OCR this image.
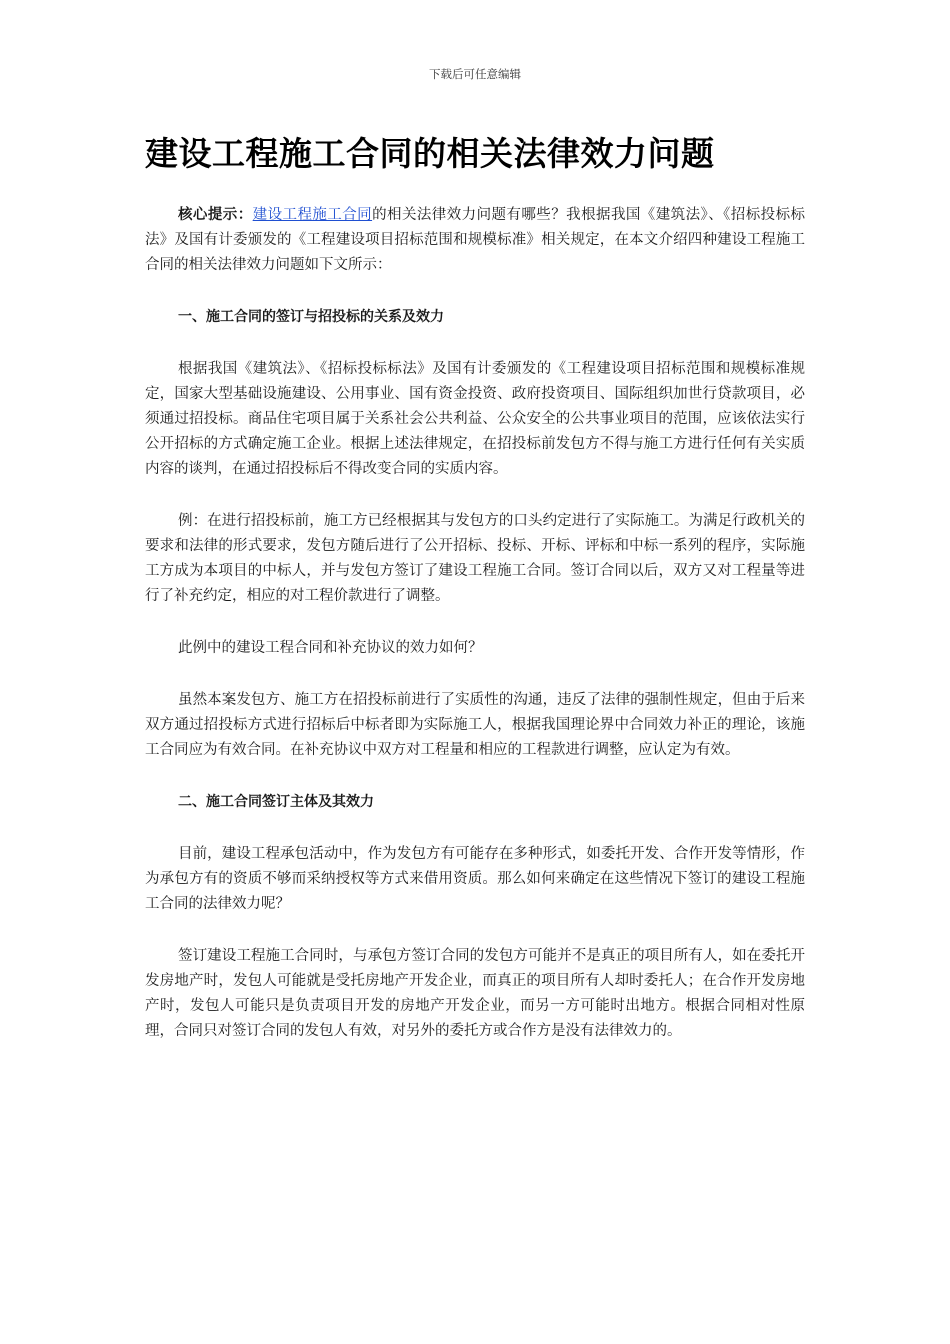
下载后可任意编辑
建设工程施工合同的相关法律效力问题

核心提示：建设工程施工合同的相关法律效力问题有哪些？我根据我国《建筑法》、《招标投标标法》及国有计委颁发的《工程建设项目招标范围和规模标准》相关规定，在本文介绍四种建设工程施工合同的相关法律效力问题如下文所示：

一、施工合同的签订与招投标的关系及效力

根据我国《建筑法》、《招标投标标法》及国有计委颁发的《工程建设项目招标范围和规模标准规定，国家大型基础设施建设、公用事业、国有资金投资、政府投资项目、国际组织加世行贷款项目，必须通过招投标。商品住宅项目属于关系社会公共利益、公众安全的公共事业项目的范围，应该依法实行公开招标的方式确定施工企业。根据上述法律规定，在招投标前发包方不得与施工方进行任何有关实质内容的谈判，在通过招投标后不得改变合同的实质内容。

例：在进行招投标前，施工方已经根据其与发包方的口头约定进行了实际施工。为满足行政机关的要求和法律的形式要求，发包方随后进行了公开招标、投标、开标、评标和中标一系列的程序，实际施工方成为本项目的中标人，并与发包方签订了建设工程施工合同。签订合同以后，双方又对工程量等进行了补充约定，相应的对工程价款进行了调整。

此例中的建设工程合同和补充协议的效力如何？

虽然本案发包方、施工方在招投标前进行了实质性的沟通，违反了法律的强制性规定，但由于后来双方通过招投标方式进行招标后中标者即为实际施工人，根据我国理论界中合同效力补正的理论，该施工合同应为有效合同。在补充协议中双方对工程量和相应的工程款进行调整，应认定为有效。

二、施工合同签订主体及其效力

目前，建设工程承包活动中，作为发包方有可能存在多种形式，如委托开发、合作开发等情形，作为承包方有的资质不够而采纳授权等方式来借用资质。那么如何来确定在这些情况下签订的建设工程施工合同的法律效力呢？

签订建设工程施工合同时，与承包方签订合同的发包方可能并不是真正的项目所有人，如在委托开发房地产时，发包人可能就是受托房地产开发企业，而真正的项目所有人却时委托人；在合作开发房地产时，发包人可能只是负责项目开发的房地产开发企业，而另一方可能时出地方。根据合同相对性原理，合同只对签订合同的发包人有效，对另外的委托方或合作方是没有法律效力的。
